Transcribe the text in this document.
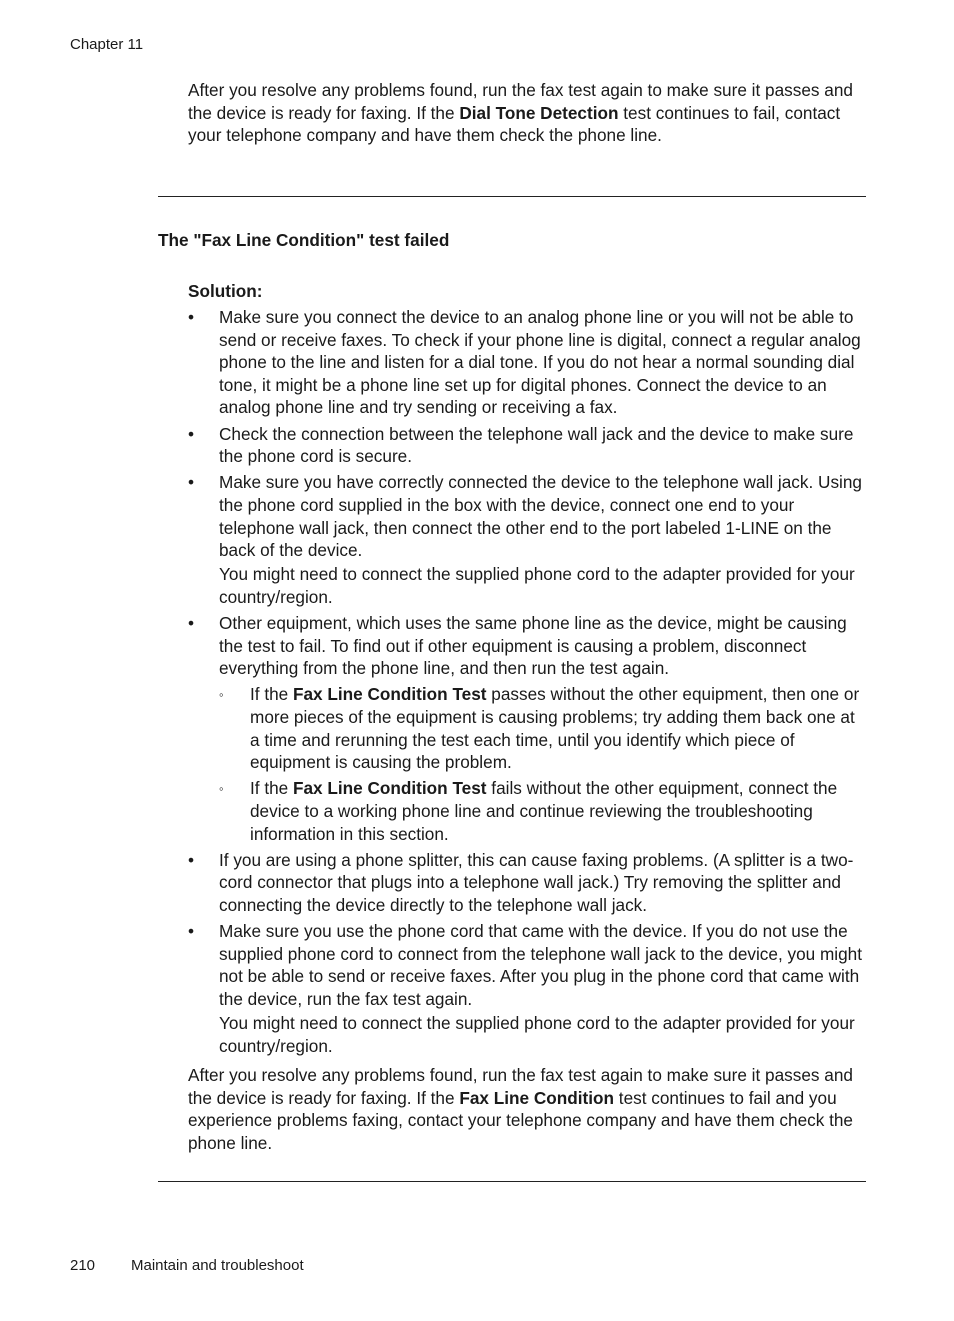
Chapter 11
After you resolve any problems found, run the fax test again to make sure it passes and the device is ready for faxing. If the Dial Tone Detection test continues to fail, contact your telephone company and have them check the phone line.
The "Fax Line Condition" test failed
Solution:
• Make sure you connect the device to an analog phone line or you will not be able to send or receive faxes. To check if your phone line is digital, connect a regular analog phone to the line and listen for a dial tone. If you do not hear a normal sounding dial tone, it might be a phone line set up for digital phones. Connect the device to an analog phone line and try sending or receiving a fax.
• Check the connection between the telephone wall jack and the device to make sure the phone cord is secure.
• Make sure you have correctly connected the device to the telephone wall jack. Using the phone cord supplied in the box with the device, connect one end to your telephone wall jack, then connect the other end to the port labeled 1-LINE on the back of the device.
You might need to connect the supplied phone cord to the adapter provided for your country/region.
• Other equipment, which uses the same phone line as the device, might be causing the test to fail. To find out if other equipment is causing a problem, disconnect everything from the phone line, and then run the test again.
◦ If the Fax Line Condition Test passes without the other equipment, then one or more pieces of the equipment is causing problems; try adding them back one at a time and rerunning the test each time, until you identify which piece of equipment is causing the problem.
◦ If the Fax Line Condition Test fails without the other equipment, connect the device to a working phone line and continue reviewing the troubleshooting information in this section.
• If you are using a phone splitter, this can cause faxing problems. (A splitter is a two-cord connector that plugs into a telephone wall jack.) Try removing the splitter and connecting the device directly to the telephone wall jack.
• Make sure you use the phone cord that came with the device. If you do not use the supplied phone cord to connect from the telephone wall jack to the device, you might not be able to send or receive faxes. After you plug in the phone cord that came with the device, run the fax test again.
You might need to connect the supplied phone cord to the adapter provided for your country/region.
After you resolve any problems found, run the fax test again to make sure it passes and the device is ready for faxing. If the Fax Line Condition test continues to fail and you experience problems faxing, contact your telephone company and have them check the phone line.
210 Maintain and troubleshoot
